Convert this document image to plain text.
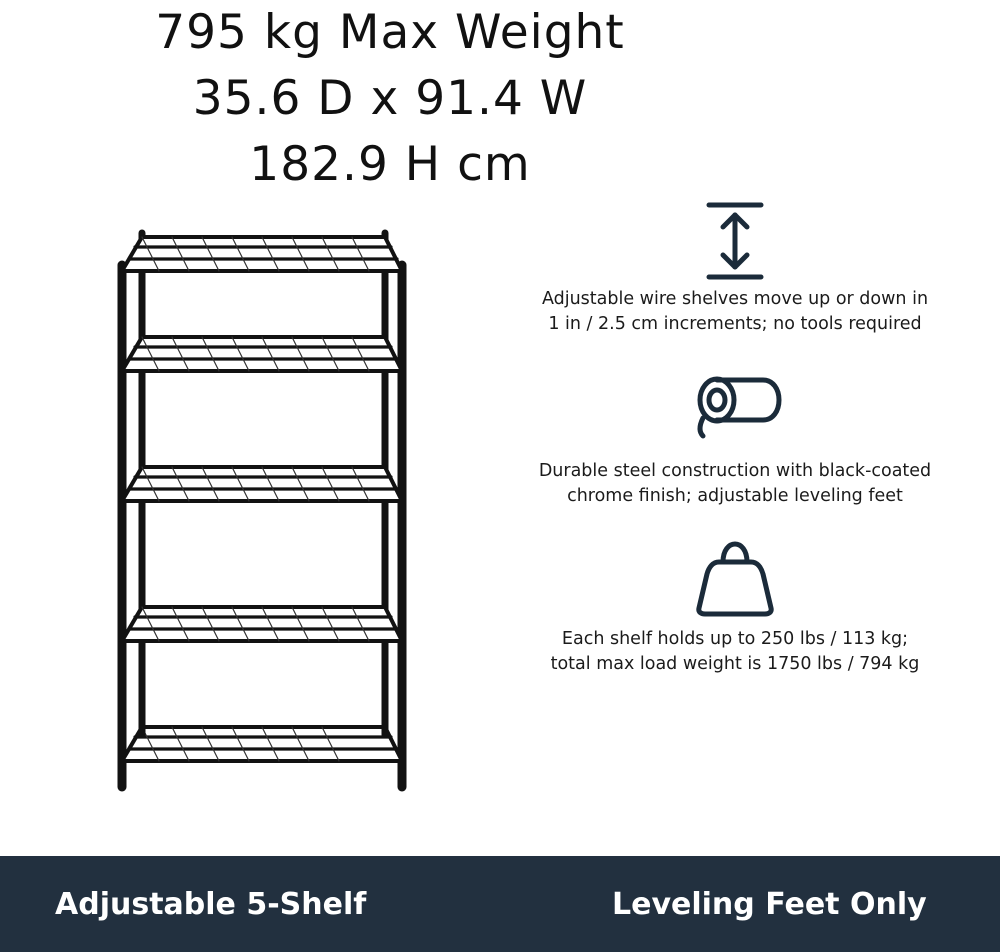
795 kg Max Weight
35.6 D x 91.4 W
182.9 H cm
Adjustable wire shelves move up or down in
1 in / 2.5 cm increments; no tools required
Durable steel construction with black-coated
chrome finish; adjustable leveling feet
Each shelf holds up to 250 lbs / 113 kg;
total max load weight is 1750 lbs / 794 kg
Adjustable 5-Shelf	Leveling Feet Only
